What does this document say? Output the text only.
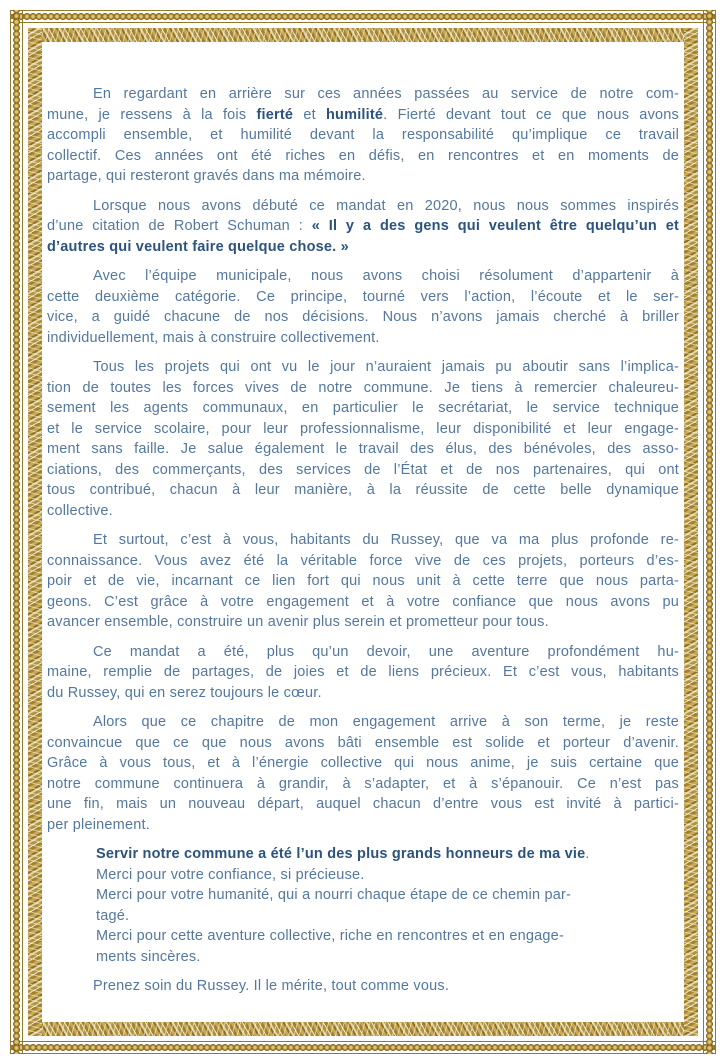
En regardant en arrière sur ces années passées au service de notre com-
mune, je ressens à la fois fierté et humilité. Fierté devant tout ce que nous avons
accompli ensemble, et humilité devant la responsabilité qu’implique ce travail
collectif. Ces années ont été riches en défis, en rencontres et en moments de
partage, qui resteront gravés dans ma mémoire.
Lorsque nous avons débuté ce mandat en 2020, nous nous sommes inspirés
d’une citation de Robert Schuman : « Il y a des gens qui veulent être quelqu’un et
d’autres qui veulent faire quelque chose. »
Avec l’équipe municipale, nous avons choisi résolument d’appartenir à
cette deuxième catégorie. Ce principe, tourné vers l’action, l’écoute et le ser-
vice, a guidé chacune de nos décisions. Nous n’avons jamais cherché à briller
individuellement, mais à construire collectivement.
Tous les projets qui ont vu le jour n’auraient jamais pu aboutir sans l’implica-
tion de toutes les forces vives de notre commune. Je tiens à remercier chaleureu-
sement les agents communaux, en particulier le secrétariat, le service technique
et le service scolaire, pour leur professionnalisme, leur disponibilité et leur engage-
ment sans faille. Je salue également le travail des élus, des bénévoles, des asso-
ciations, des commerçants, des services de l’État et de nos partenaires, qui ont
tous contribué, chacun à leur manière, à la réussite de cette belle dynamique
collective.
Et surtout, c’est à vous, habitants du Russey, que va ma plus profonde re-
connaissance. Vous avez été la véritable force vive de ces projets, porteurs d’es-
poir et de vie, incarnant ce lien fort qui nous unit à cette terre que nous parta-
geons. C’est grâce à votre engagement et à votre confiance que nous avons pu
avancer ensemble, construire un avenir plus serein et prometteur pour tous.
Ce mandat a été, plus qu’un devoir, une aventure profondément hu-
maine, remplie de partages, de joies et de liens précieux. Et c’est vous, habitants
du Russey, qui en serez toujours le cœur.
Alors que ce chapitre de mon engagement arrive à son terme, je reste
convaincue que ce que nous avons bâti ensemble est solide et porteur d’avenir.
Grâce à vous tous, et à l’énergie collective qui nous anime, je suis certaine que
notre commune continuera à grandir, à s’adapter, et à s’épanouir. Ce n’est pas
une fin, mais un nouveau départ, auquel chacun d’entre vous est invité à partici-
per pleinement.
Servir notre commune a été l’un des plus grands honneurs de ma vie.
Merci pour votre confiance, si précieuse.
Merci pour votre humanité, qui a nourri chaque étape de ce chemin par-
tagé.
Merci pour cette aventure collective, riche en rencontres et en engage-
ments sincères.
Prenez soin du Russey. Il le mérite, tout comme vous.
